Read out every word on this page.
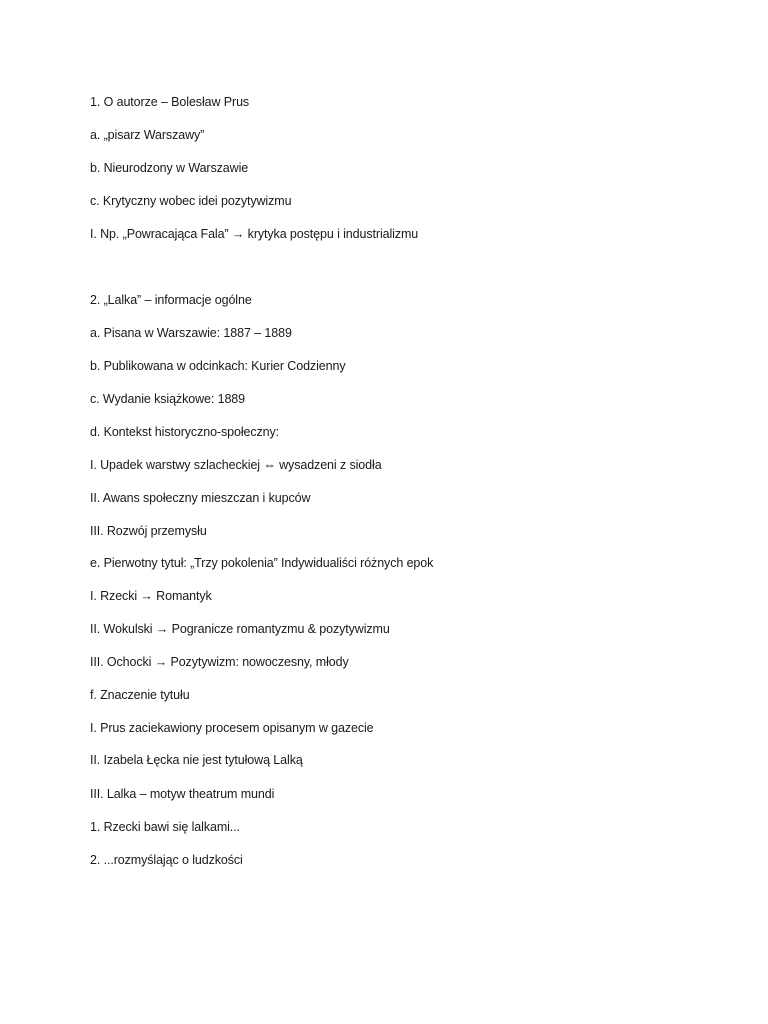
1. O autorze – Bolesław Prus
a. „pisarz Warszawy”
b. Nieurodzony w Warszawie
c. Krytyczny wobec idei pozytywizmu
I. Np. „Powracająca Fala” → krytyka postępu i industrializmu
2. „Lalka” – informacje ogólne
a. Pisana w Warszawie: 1887 – 1889
b. Publikowana w odcinkach: Kurier Codzienny
c. Wydanie książkowe: 1889
d. Kontekst historyczno-społeczny:
I. Upadek warstwy szlacheckiej ⇔ wysadzeni z siodła
II. Awans społeczny mieszczan i kupców
III. Rozwój przemysłu
e. Pierwotny tytuł: „Trzy pokolenia” Indywidualiści różnych epok
I. Rzecki → Romantyk
II. Wokulski → Pogranicze romantyzmu & pozytywizmu
III. Ochocki → Pozytywizm: nowoczesny, młody
f. Znaczenie tytułu
I. Prus zaciekawiony procesem opisanym w gazecie
II. Izabela Łęcka nie jest tytułową Lalką
III. Lalka – motyw theatrum mundi
1. Rzecki bawi się lalkami...
2. ...rozmyślając o ludzkości
